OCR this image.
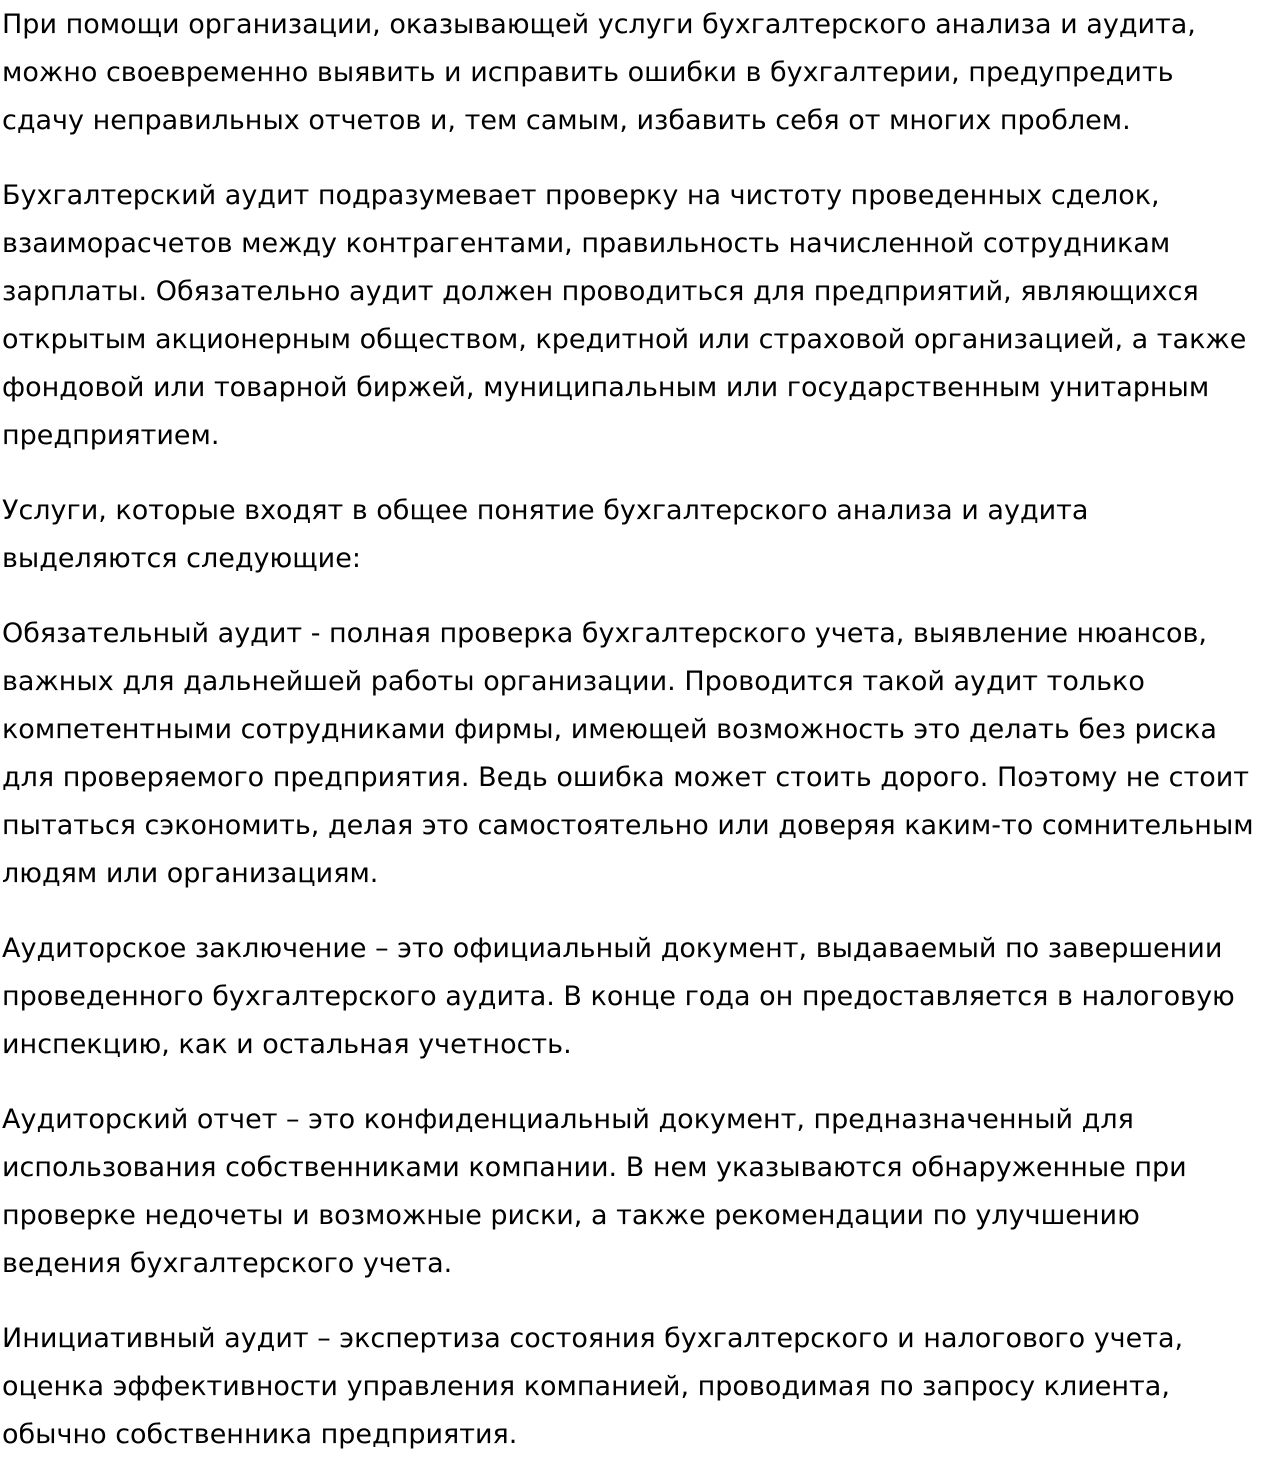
При помощи организации, оказывающей услуги бухгалтерского анализа и аудита, можно своевременно выявить и исправить ошибки в бухгалтерии, предупредить сдачу неправильных отчетов и, тем самым, избавить себя от многих проблем.

Бухгалтерский аудит подразумевает проверку на чистоту проведенных сделок, взаиморасчетов между контрагентами, правильность начисленной сотрудникам зарплаты. Обязательно аудит должен проводиться для предприятий, являющихся открытым акционерным обществом, кредитной или страховой организацией, а также фондовой или товарной биржей, муниципальным или государственным унитарным предприятием.

Услуги, которые входят в общее понятие бухгалтерского анализа и аудита выделяются следующие:

Обязательный аудит - полная проверка бухгалтерского учета, выявление нюансов, важных для дальнейшей работы организации. Проводится такой аудит только компетентными сотрудниками фирмы, имеющей возможность это делать без риска для проверяемого предприятия. Ведь ошибка может стоить дорого. Поэтому не стоит пытаться сэкономить, делая это самостоятельно или доверяя каким-то сомнительным людям или организациям.

Аудиторское заключение – это официальный документ, выдаваемый по завершении проведенного бухгалтерского аудита. В конце года он предоставляется в налоговую инспекцию, как и остальная учетность.

Аудиторский отчет – это конфиденциальный документ, предназначенный для использования собственниками компании. В нем указываются обнаруженные при проверке недочеты и возможные риски, а также рекомендации по улучшению ведения бухгалтерского учета.

Инициативный аудит – экспертиза состояния бухгалтерского и налогового учета, оценка эффективности управления компанией, проводимая по запросу клиента, обычно собственника предприятия.
